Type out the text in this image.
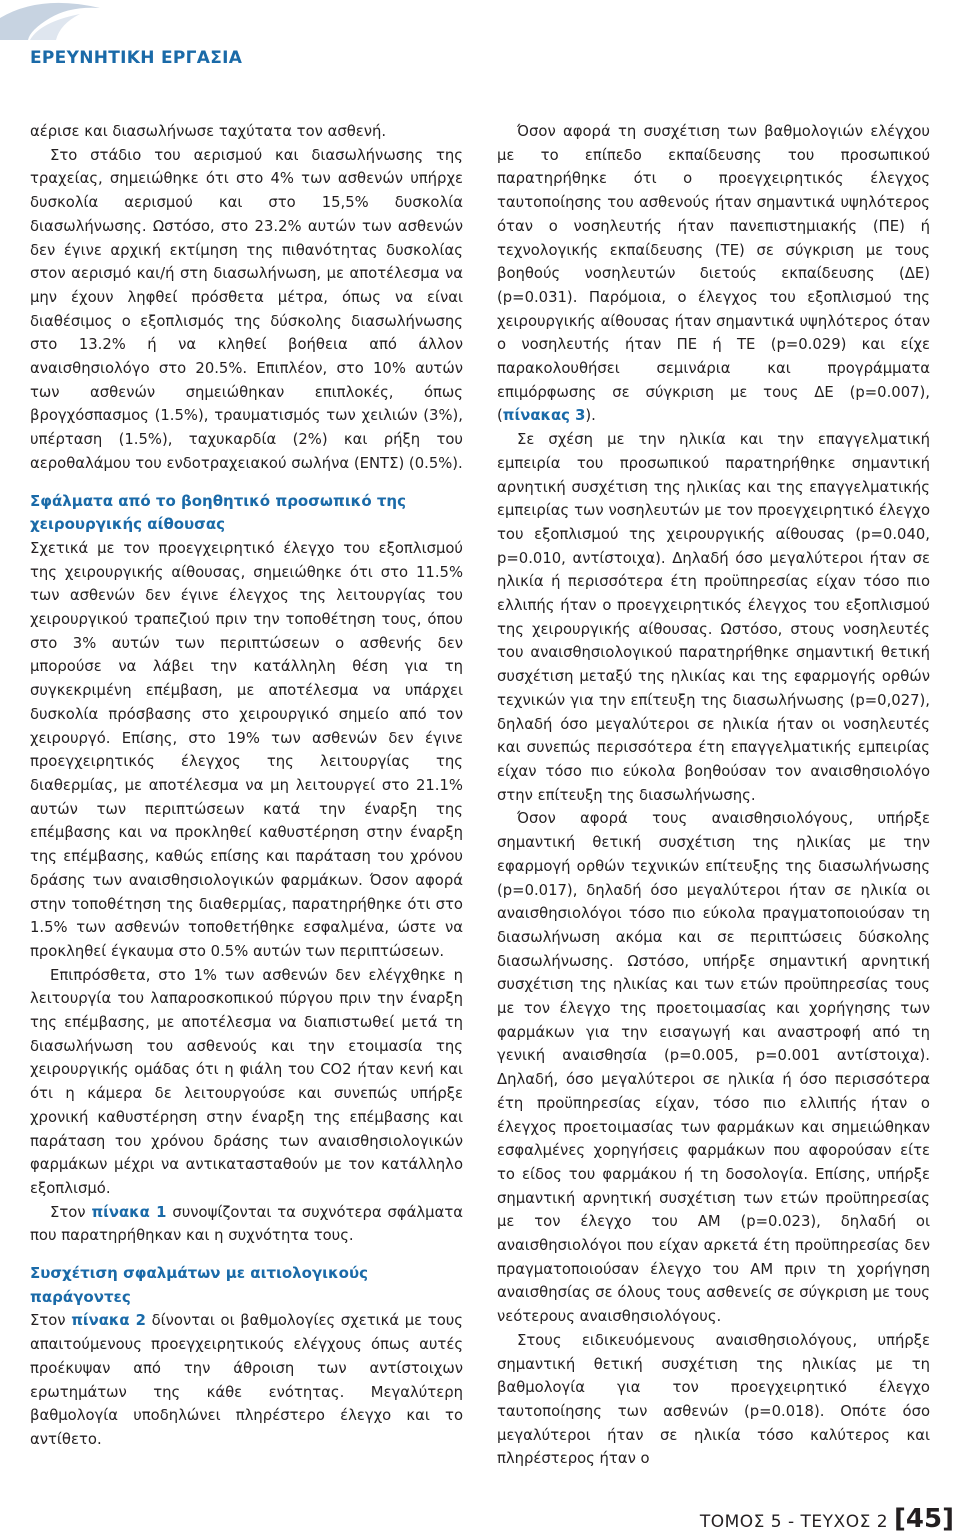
ΕΡΕΥΝΗΤΙΚΗ ΕΡΓΑΣΙΑ

αέρισε και διασωλήνωσε ταχύτατα τον ασθενή.

Στο στάδιο του αερισμού και διασωλήνωσης της τραχείας, σημειώθηκε ότι στο 4% των ασθενών υπήρχε δυσκολία αερισμού και στο 15,5% δυσκολία διασωλήνωσης. Ωστόσο, στο 23.2% αυτών των ασθενών δεν έγινε αρχική εκτίμηση της πιθανότητας δυσκολίας στον αερισμό και/ή στη διασωλήνωση, με αποτέλεσμα να μην έχουν ληφθεί πρόσθετα μέτρα, όπως να είναι διαθέσιμος ο εξοπλισμός της δύσκολης διασωλήνωσης στο 13.2% ή να κληθεί βοήθεια από άλλον αναισθησιολόγο στο 20.5%. Επιπλέον, στο 10% αυτών των ασθενών σημειώθηκαν επιπλοκές, όπως βρογχόσπασμος (1.5%), τραυματισμός των χειλιών (3%), υπέρταση (1.5%), ταχυκαρδία (2%) και ρήξη του αεροθαλάμου του ενδοτραχειακού σωλήνα (ΕΝΤΣ) (0.5%).

Σφάλματα από το βοηθητικό προσωπικό της χειρουργικής αίθουσας

Σχετικά με τον προεγχειρητικό έλεγχο του εξοπλισμού της χειρουργικής αίθουσας, σημειώθηκε ότι στο 11.5% των ασθενών δεν έγινε έλεγχος της λειτουργίας του χειρουργικού τραπεζιού πριν την τοποθέτηση τους, όπου στο 3% αυτών των περιπτώσεων ο ασθενής δεν μπορούσε να λάβει την κατάλληλη θέση για τη συγκεκριμένη επέμβαση, με αποτέλεσμα να υπάρχει δυσκολία πρόσβασης στο χειρουργικό σημείο από τον χειρουργό. Επίσης, στο 19% των ασθενών δεν έγινε προεγχειρητικός έλεγχος της λειτουργίας της διαθερμίας, με αποτέλεσμα να μη λειτουργεί στο 21.1% αυτών των περιπτώσεων κατά την έναρξη της επέμβασης και να προκληθεί καθυστέρηση στην έναρξη της επέμβασης, καθώς επίσης και παράταση του χρόνου δράσης των αναισθησιολογικών φαρμάκων. Όσον αφορά στην τοποθέτηση της διαθερμίας, παρατηρήθηκε ότι στο 1.5% των ασθενών τοποθετήθηκε εσφαλμένα, ώστε να προκληθεί έγκαυμα στο 0.5% αυτών των περιπτώσεων.

Επιπρόσθετα, στο 1% των ασθενών δεν ελέγχθηκε η λειτουργία του λαπαροσκοπικού πύργου πριν την έναρξη της επέμβασης, με αποτέλεσμα να διαπιστωθεί μετά τη διασωλήνωση του ασθενούς και την ετοιμασία της χειρουργικής ομάδας ότι η φιάλη του CO2 ήταν κενή και ότι η κάμερα δε λειτουργούσε και συνεπώς υπήρξε χρονική καθυστέρηση στην έναρξη της επέμβασης και παράταση του χρόνου δράσης των αναισθησιολογικών φαρμάκων μέχρι να αντικατασταθούν με τον κατάλληλο εξοπλισμό.

Στον πίνακα 1 συνοψίζονται τα συχνότερα σφάλματα που παρατηρήθηκαν και η συχνότητα τους.

Συσχέτιση σφαλμάτων με αιτιολογικούς παράγοντες

Στον πίνακα 2 δίνονται οι βαθμολογίες σχετικά με τους απαιτούμενους προεγχειρητικούς ελέγχους όπως αυτές προέκυψαν από την άθροιση των αντίστοιχων ερωτημάτων της κάθε ενότητας. Μεγαλύτερη βαθμολογία υποδηλώνει πληρέστερο έλεγχο και το αντίθετο.

Όσον αφορά τη συσχέτιση των βαθμολογιών ελέγχου με το επίπεδο εκπαίδευσης του προσωπικού παρατηρήθηκε ότι ο προεγχειρητικός έλεγχος ταυτοποίησης του ασθενούς ήταν σημαντικά υψηλότερος όταν ο νοσηλευτής ήταν πανεπιστημιακής (ΠΕ) ή τεχνολογικής εκπαίδευσης (ΤΕ) σε σύγκριση με τους βοηθούς νοσηλευτών διετούς εκπαίδευσης (ΔΕ) (p=0.031). Παρόμοια, ο έλεγχος του εξοπλισμού της χειρουργικής αίθουσας ήταν σημαντικά υψηλότερος όταν ο νοσηλευτής ήταν ΠΕ ή ΤΕ (p=0.029) και είχε παρακολουθήσει σεμινάρια και προγράμματα επιμόρφωσης σε σύγκριση με τους ΔΕ (p=0.007), (πίνακας 3).

Σε σχέση με την ηλικία και την επαγγελματική εμπειρία του προσωπικού παρατηρήθηκε σημαντική αρνητική συσχέτιση της ηλικίας και της επαγγελματικής εμπειρίας των νοσηλευτών με τον προεγχειρητικό έλεγχο του εξοπλισμού της χειρουργικής αίθουσας (p=0.040, p=0.010, αντίστοιχα). Δηλαδή όσο μεγαλύτεροι ήταν σε ηλικία ή περισσότερα έτη προϋπηρεσίας είχαν τόσο πιο ελλιπής ήταν ο προεγχειρητικός έλεγχος του εξοπλισμού της χειρουργικής αίθουσας. Ωστόσο, στους νοσηλευτές του αναισθησιολογικού παρατηρήθηκε σημαντική θετική συσχέτιση μεταξύ της ηλικίας και της εφαρμογής ορθών τεχνικών για την επίτευξη της διασωλήνωσης (p=0,027), δηλαδή όσο μεγαλύτεροι σε ηλικία ήταν οι νοσηλευτές και συνεπώς περισσότερα έτη επαγγελματικής εμπειρίας είχαν τόσο πιο εύκολα βοηθούσαν τον αναισθησιολόγο στην επίτευξη της διασωλήνωσης.

Όσον αφορά τους αναισθησιολόγους, υπήρξε σημαντική θετική συσχέτιση της ηλικίας με την εφαρμογή ορθών τεχνικών επίτευξης της διασωλήνωσης (p=0.017), δηλαδή όσο μεγαλύτεροι ήταν σε ηλικία οι αναισθησιολόγοι τόσο πιο εύκολα πραγματοποιούσαν τη διασωλήνωση ακόμα και σε περιπτώσεις δύσκολης διασωλήνωσης. Ωστόσο, υπήρξε σημαντική αρνητική συσχέτιση της ηλικίας και των ετών προϋπηρεσίας τους με τον έλεγχο της προετοιμασίας και χορήγησης των φαρμάκων για την εισαγωγή και αναστροφή από τη γενική αναισθησία (p=0.005, p=0.001 αντίστοιχα). Δηλαδή, όσο μεγαλύτεροι σε ηλικία ή όσο περισσότερα έτη προϋπηρεσίας είχαν, τόσο πιο ελλιπής ήταν ο έλεγχος προετοιμασίας των φαρμάκων και σημειώθηκαν εσφαλμένες χορηγήσεις φαρμάκων που αφορούσαν είτε το είδος του φαρμάκου ή τη δοσολογία. Επίσης, υπήρξε σημαντική αρνητική συσχέτιση των ετών προϋπηρεσίας με τον έλεγχο του ΑΜ (p=0.023), δηλαδή οι αναισθησιολόγοι που είχαν αρκετά έτη προϋπηρεσίας δεν πραγματοποιούσαν έλεγχο του ΑΜ πριν τη χορήγηση αναισθησίας σε όλους τους ασθενείς σε σύγκριση με τους νεότερους αναισθησιολόγους.

Στους ειδικευόμενους αναισθησιολόγους, υπήρξε σημαντική θετική συσχέτιση της ηλικίας με τη βαθμολογία για τον προεγχειρητικό έλεγχο ταυτοποίησης των ασθενών (p=0.018). Οπότε όσο μεγαλύτεροι ήταν σε ηλικία τόσο καλύτερος και πληρέστερος ήταν ο

ΤΟΜΟΣ 5 - ΤΕΥΧΟΣ 2 [45]
